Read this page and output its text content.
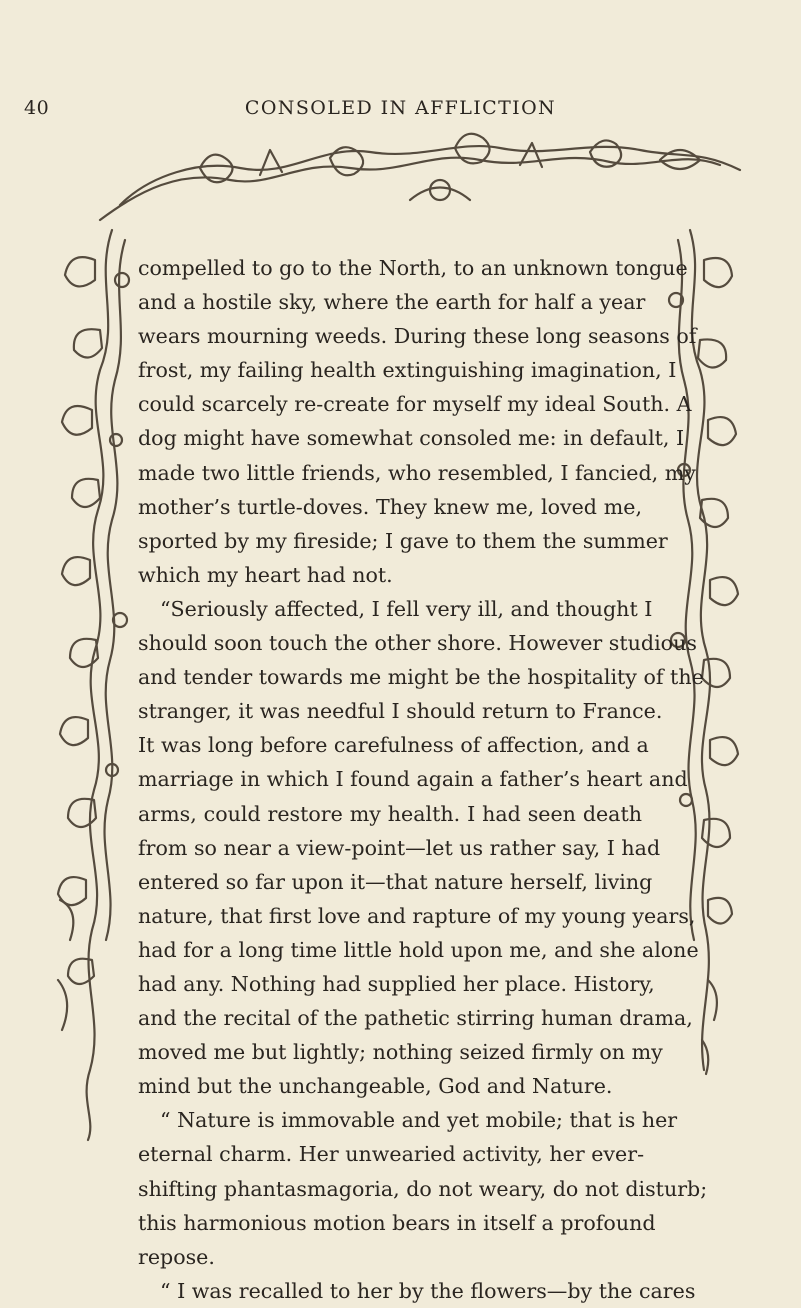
40	CONSOLED IN AFFLICTION

compelled to go to the North, to an unknown tongue

and a hostile sky, where the earth for half a year

wears mourning weeds. During these long seasons of

frost, my failing health extinguishing imagination, I

could scarcely re-create for myself my ideal South. A

dog might have somewhat consoled me: in default, I

made two little friends, who resembled, I fancied, my

mother’s turtle-doves. They knew me, loved me,

sported by my fireside; I gave to them the summer

which my heart had not.

“Seriously affected, I fell very ill, and thought I

should soon touch the other shore. However studious

and tender towards me might be the hospitality of the

stranger, it was needful I should return to France.

It was long before carefulness of affection, and a

marriage in which I found again a father’s heart and

arms, could restore my health. I had seen death

from so near a view-point—let us rather say, I had

entered so far upon it—that nature herself, living

nature, that first love and rapture of my young years,

had for a long time little hold upon me, and she alone

had any. Nothing had supplied her place. History,

and the recital of the pathetic stirring human drama,

moved me but lightly; nothing seized firmly on my

mind but the unchangeable, God and Nature.

“ Nature is immovable and yet mobile; that is her

eternal charm. Her unwearied activity, her ever-

shifting phantasmagoria, do not weary, do not disturb;

this harmonious motion bears in itself a profound

repose.

“ I was recalled to her by the flowers—by the cares
